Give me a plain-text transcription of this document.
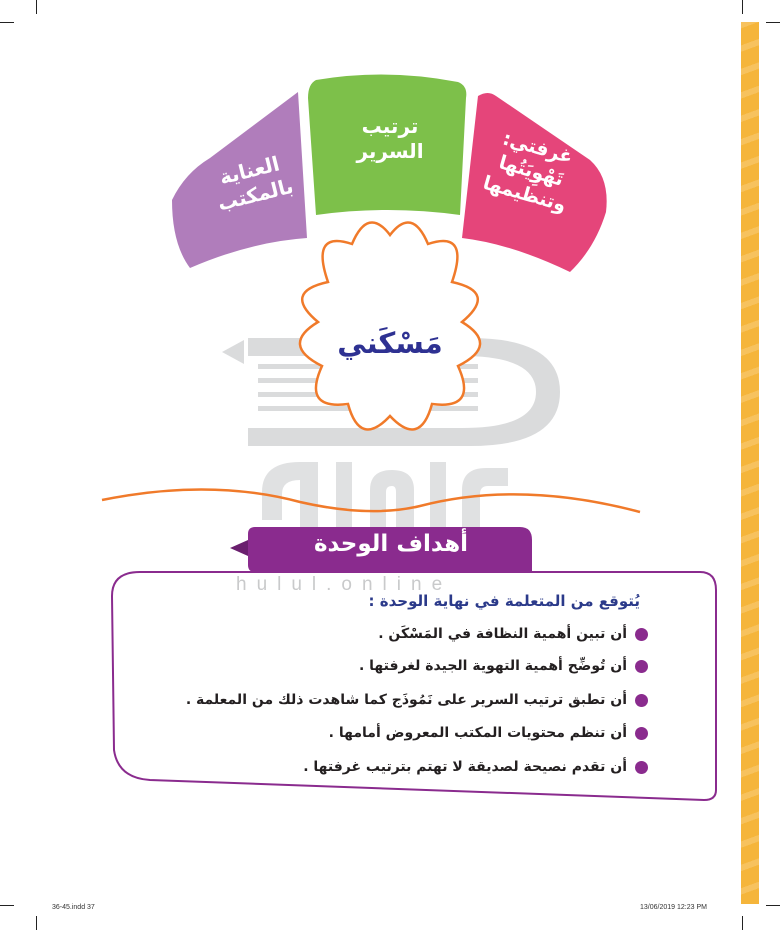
hulul.online
العناية بالمكتب
ترتيب السرير	غرفتي: تَهْوِيَتُها وتنظيمها
مَسْكَني
أهداف الوحدة
يُتوقع من المتعلمة في نهاية الوحدة :
أن تبين أهمية النظافة في المَسْكَن .
أن تُوضِّح أهمية التهوية الجيدة لغرفتها .
أن تطبق ترتيب السرير على نَمُوذَج كما شاهدت ذلك من المعلمة .
أن تنظم محتويات المكتب المعروض أمامها .
أن تقدم نصيحة لصديقة لا تهتم بترتيب غرفتها .
36-45.indd 37	13/06/2019 12:23 PM
